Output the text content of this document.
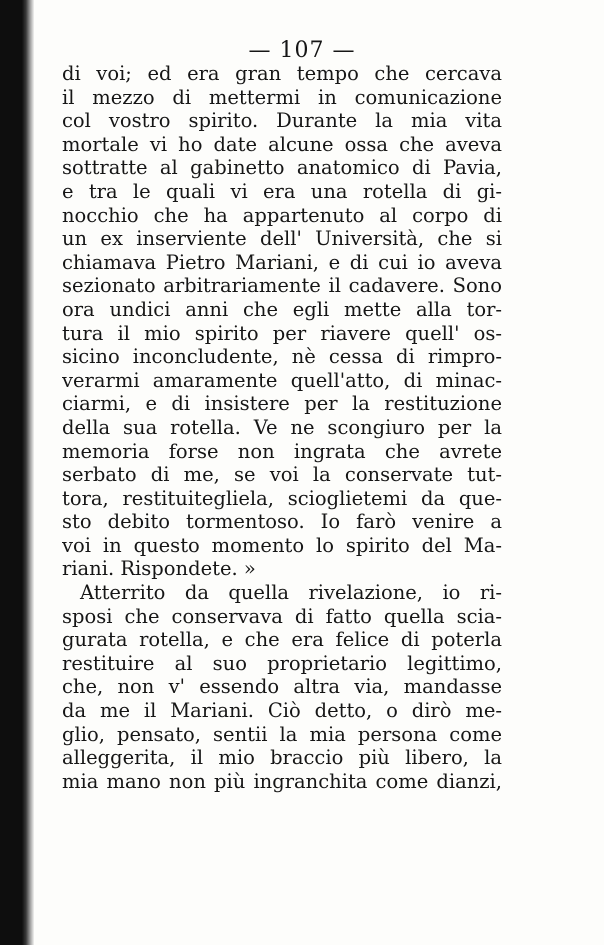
— 107 —
di voi; ed era gran tempo che cercava
il mezzo di mettermi in comunicazione
col vostro spirito. Durante la mia vita
mortale vi ho date alcune ossa che aveva
sottratte al gabinetto anatomico di Pavia,
e tra le quali vi era una rotella di gi-
nocchio che ha appartenuto al corpo di
un ex inserviente dell' Università, che si
chiamava Pietro Mariani, e di cui io aveva
sezionato arbitrariamente il cadavere. Sono
ora undici anni che egli mette alla tor-
tura il mio spirito per riavere quell' os-
sicino inconcludente, nè cessa di rimpro-
verarmi amaramente quell'atto, di minac-
ciarmi, e di insistere per la restituzione
della sua rotella. Ve ne scongiuro per la
memoria forse non ingrata che avrete
serbato di me, se voi la conservate tut-
tora, restituitegliela, scioglietemi da que-
sto debito tormentoso. Io farò venire a
voi in questo momento lo spirito del Ma-
riani. Rispondete. »
Atterrito da quella rivelazione, io ri-
sposi che conservava di fatto quella scia-
gurata rotella, e che era felice di poterla
restituire al suo proprietario legittimo,
che, non v' essendo altra via, mandasse
da me il Mariani. Ciò detto, o dirò me-
glio, pensato, sentii la mia persona come
alleggerita, il mio braccio più libero, la
mia mano non più ingranchita come dianzi,
